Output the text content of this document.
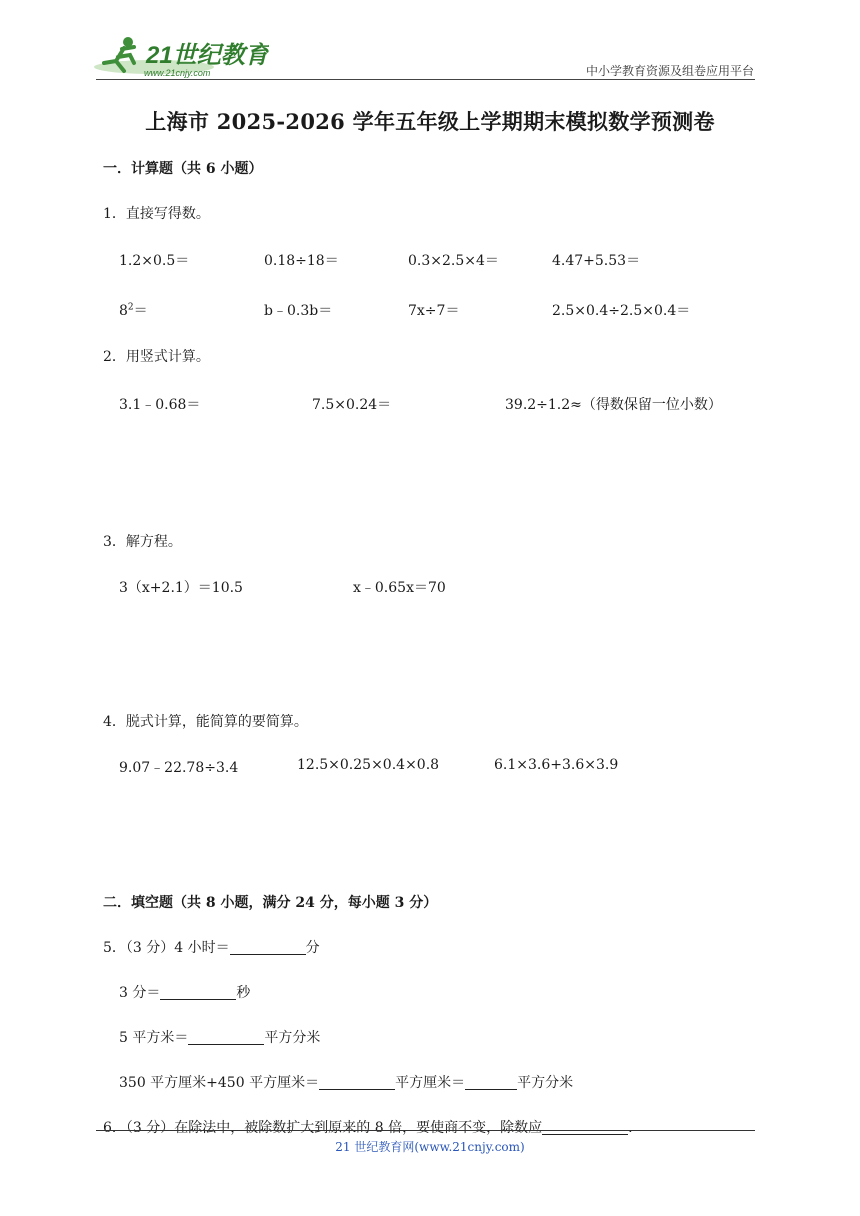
21世纪教育
www.21cnjy.com	中小学教育资源及组卷应用平台
上海市 2025-2026 学年五年级上学期期末模拟数学预测卷
一．计算题（共 6 小题）
1．直接写得数。
1.2×0.5＝	0.18÷18＝	0.3×2.5×4＝	4.47+5.53＝
$8^2=$	b﹣0.3b＝	7x÷7＝	2.5×0.4÷2.5×0.4＝
2．用竖式计算。
3.1﹣0.68＝	7.5×0.24＝	39.2÷1.2≈（得数保留一位小数）
3．解方程。
3（x+2.1）＝10.5	x﹣0.65x＝70
4．脱式计算，能简算的要简算。
9.07﹣22.78÷3.4	12.5×0.25×0.4×0.8	6.1×3.6+3.6×3.9
二．填空题（共 8 小题，满分 24 分，每小题 3 分）
5．（3 分）4 小时＝	分
3 分＝	秒
5 平方米＝	平方分米
350 平方厘米+450 平方厘米＝	平方厘米＝	平方分米
6．（3 分）在除法中，被除数扩大到原来的 8 倍，要使商不变，除数应	.
21 世纪教育网(www.21cnjy.com)
